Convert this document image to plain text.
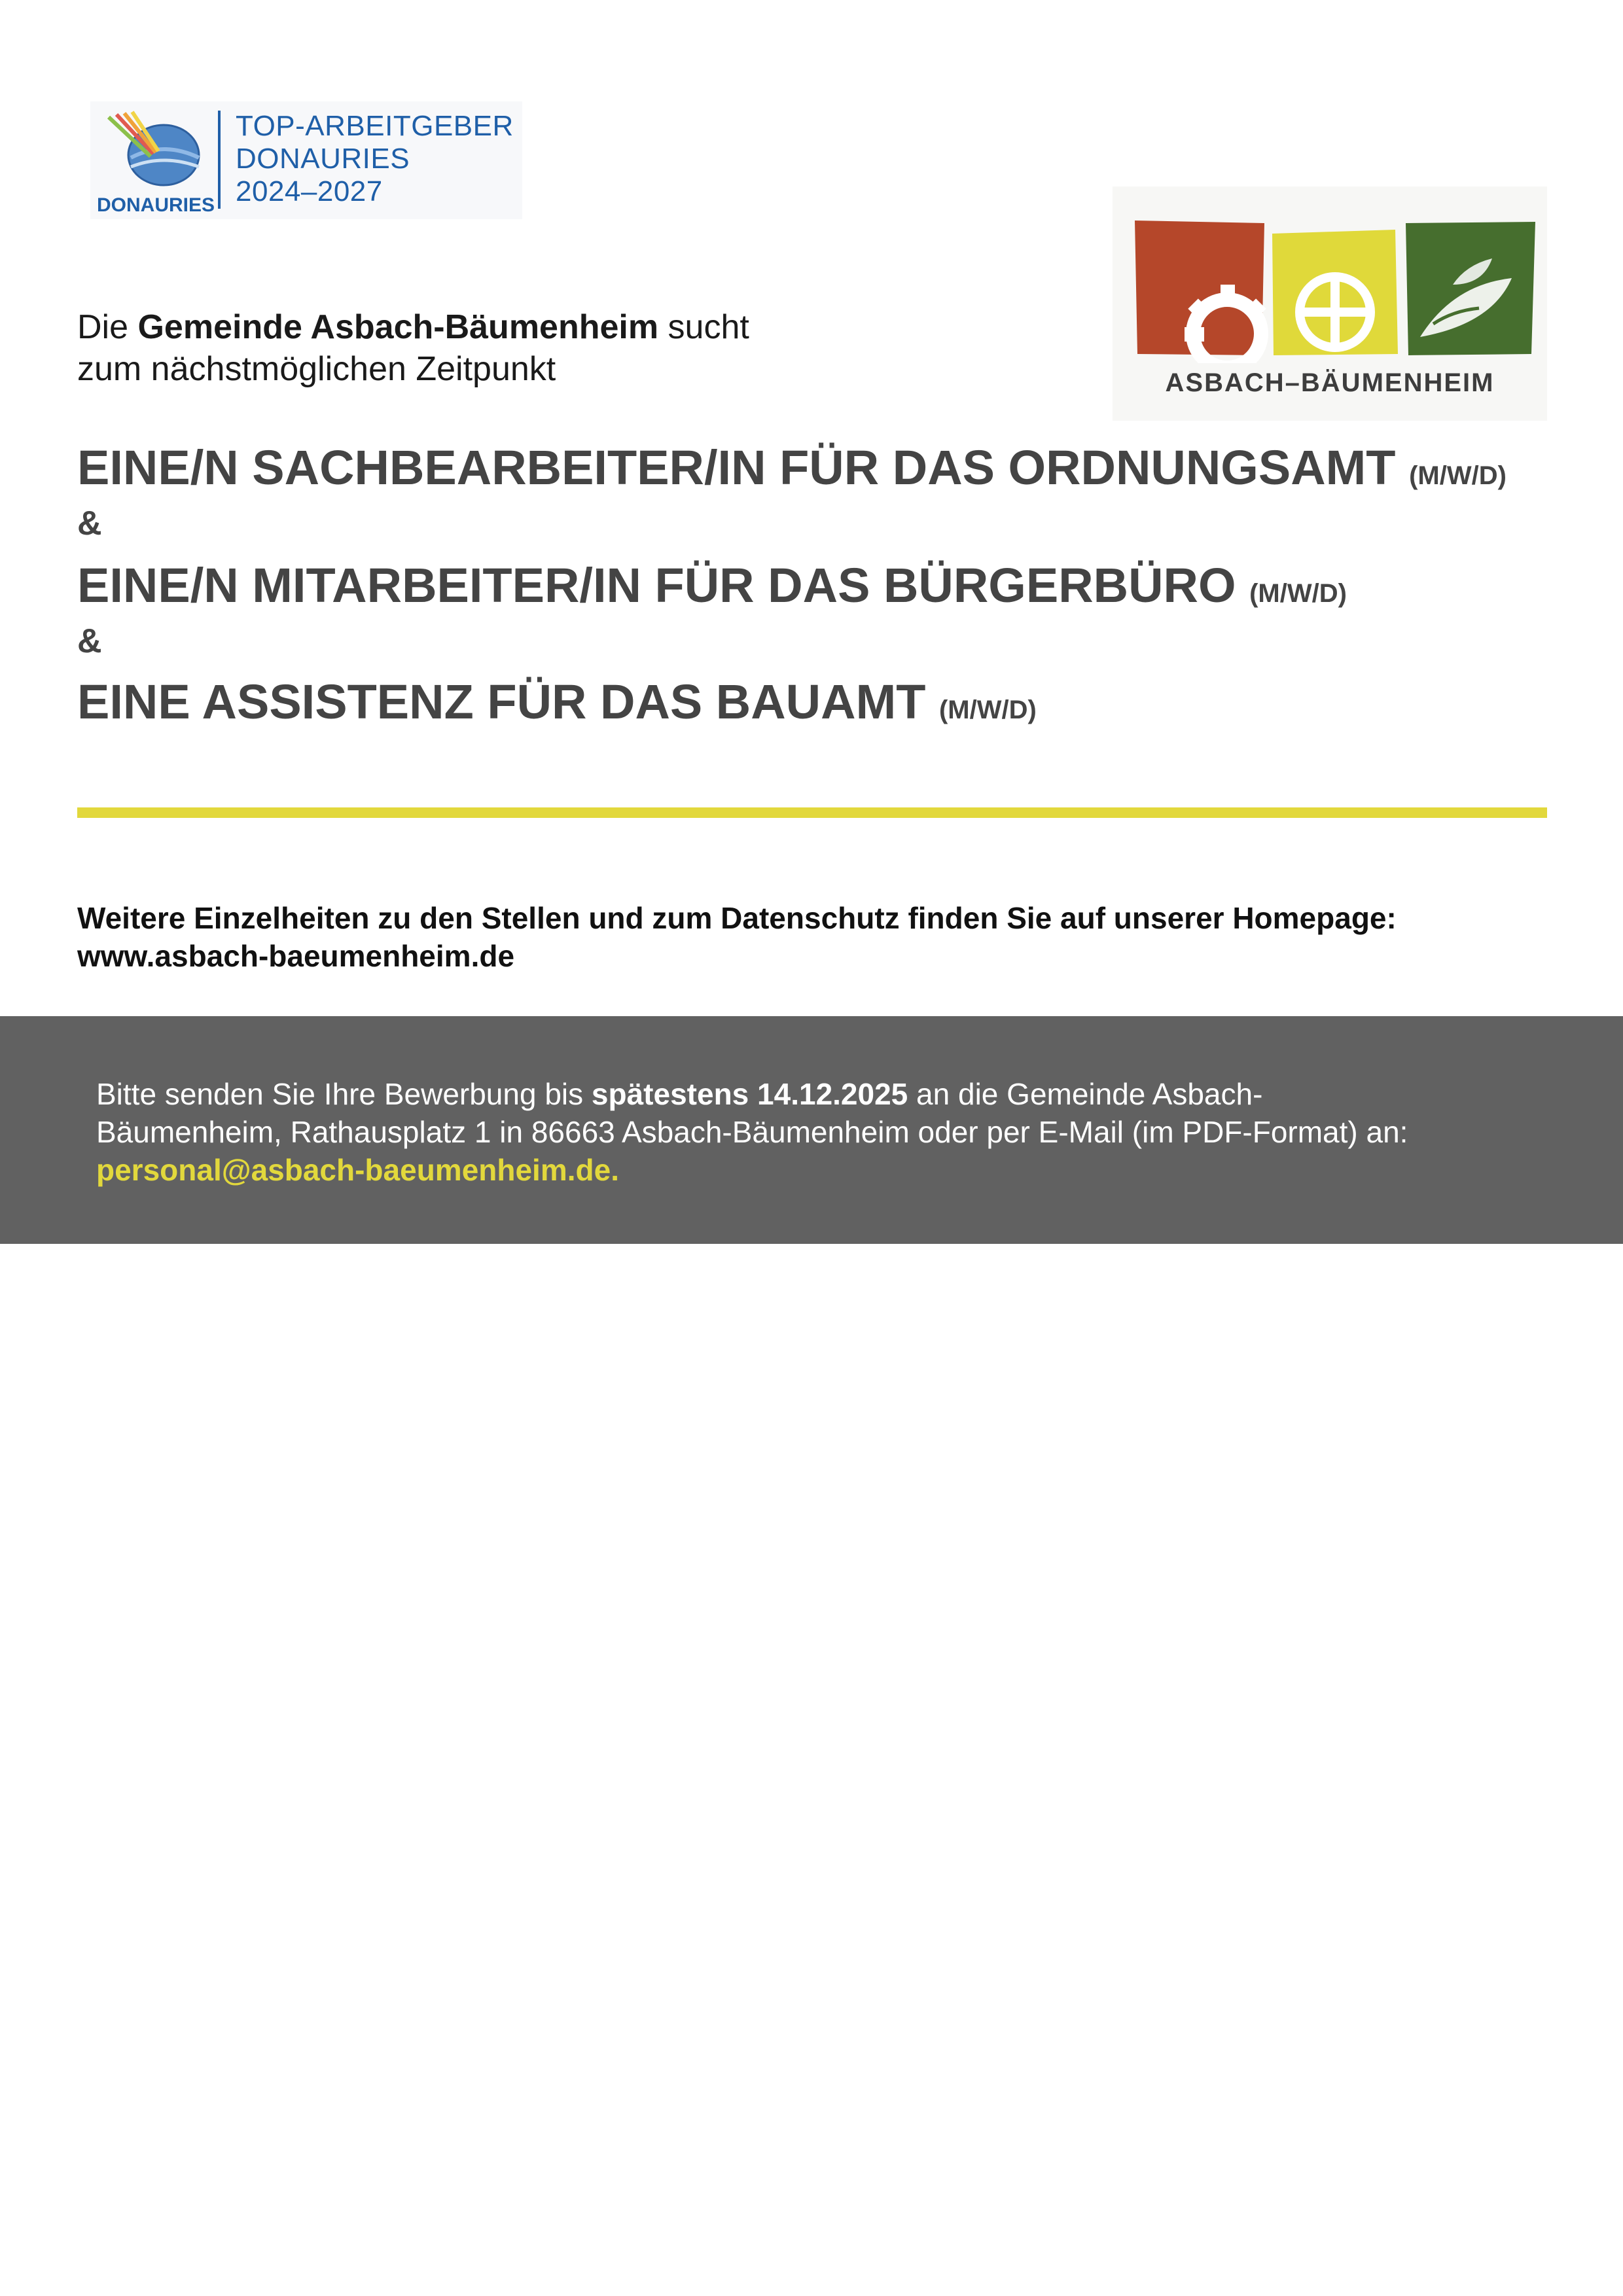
DONAURIES
TOP-ARBEITGEBER
DONAURIES
2024–2027
ASBACH–BÄUMENHEIM
Die Gemeinde Asbach-Bäumenheim sucht
zum nächstmöglichen Zeitpunkt
EINE/N SACHBEARBEITER/IN FÜR DAS ORDNUNGSAMT (M/W/D)
&
EINE/N MITARBEITER/IN FÜR DAS BÜRGERBÜRO (M/W/D)
&
EINE ASSISTENZ FÜR DAS BAUAMT (M/W/D)
Weitere Einzelheiten zu den Stellen und zum Datenschutz finden Sie auf unserer Homepage:
www.asbach-baeumenheim.de
Bitte senden Sie Ihre Bewerbung bis spätestens 14.12.2025 an die Gemeinde Asbach-
Bäumenheim, Rathausplatz 1 in 86663 Asbach-Bäumenheim oder per E-Mail (im PDF-Format) an:
personal@asbach-baeumenheim.de.
